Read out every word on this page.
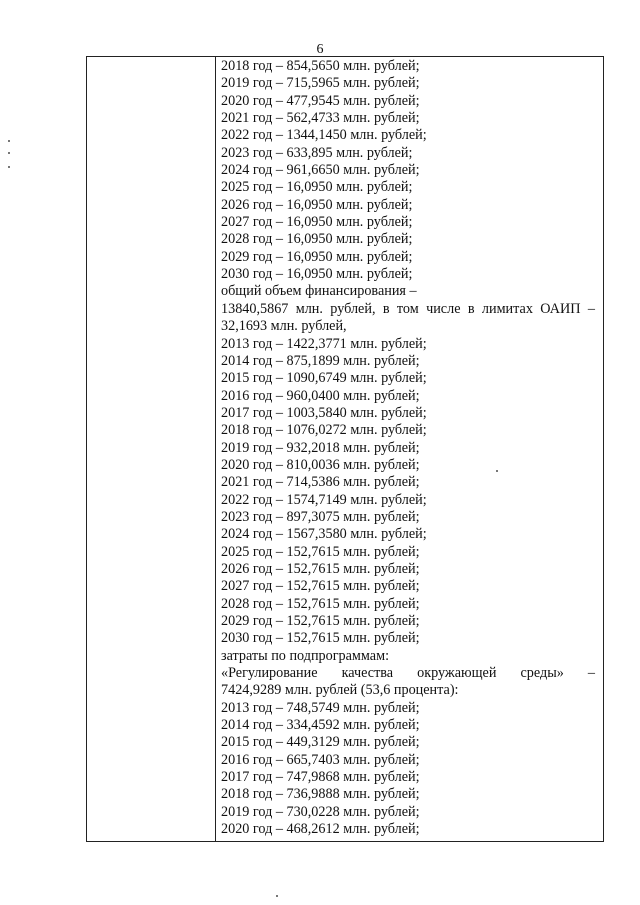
6
2018 год – 854,5650 млн. рублей;
2019 год – 715,5965 млн. рублей;
2020 год – 477,9545 млн. рублей;
2021 год – 562,4733 млн. рублей;
2022 год – 1344,1450 млн. рублей;
2023 год – 633,895 млн. рублей;
2024 год – 961,6650 млн. рублей;
2025 год – 16,0950 млн. рублей;
2026 год – 16,0950 млн. рублей;
2027 год – 16,0950 млн. рублей;
2028 год – 16,0950 млн. рублей;
2029 год – 16,0950 млн. рублей;
2030 год – 16,0950 млн. рублей;
общий объем финансирования –
13840,5867 млн. рублей, в том числе в лимитах ОАИП –
32,1693 млн. рублей,
2013 год – 1422,3771 млн. рублей;
2014 год – 875,1899 млн. рублей;
2015 год – 1090,6749 млн. рублей;
2016 год – 960,0400 млн. рублей;
2017 год – 1003,5840 млн. рублей;
2018 год – 1076,0272 млн. рублей;
2019 год – 932,2018 млн. рублей;
2020 год – 810,0036 млн. рублей;
2021 год – 714,5386 млн. рублей;
2022 год – 1574,7149 млн. рублей;
2023 год – 897,3075 млн. рублей;
2024 год – 1567,3580 млн. рублей;
2025 год – 152,7615 млн. рублей;
2026 год – 152,7615 млн. рублей;
2027 год – 152,7615 млн. рублей;
2028 год – 152,7615 млн. рублей;
2029 год – 152,7615 млн. рублей;
2030 год – 152,7615 млн. рублей;
затраты по подпрограммам:
«Регулирование качества окружающей среды» –
7424,9289 млн. рублей (53,6 процента):
2013 год – 748,5749 млн. рублей;
2014 год – 334,4592 млн. рублей;
2015 год – 449,3129 млн. рублей;
2016 год – 665,7403 млн. рублей;
2017 год – 747,9868 млн. рублей;
2018 год – 736,9888 млн. рублей;
2019 год – 730,0228 млн. рублей;
2020 год – 468,2612 млн. рублей;
